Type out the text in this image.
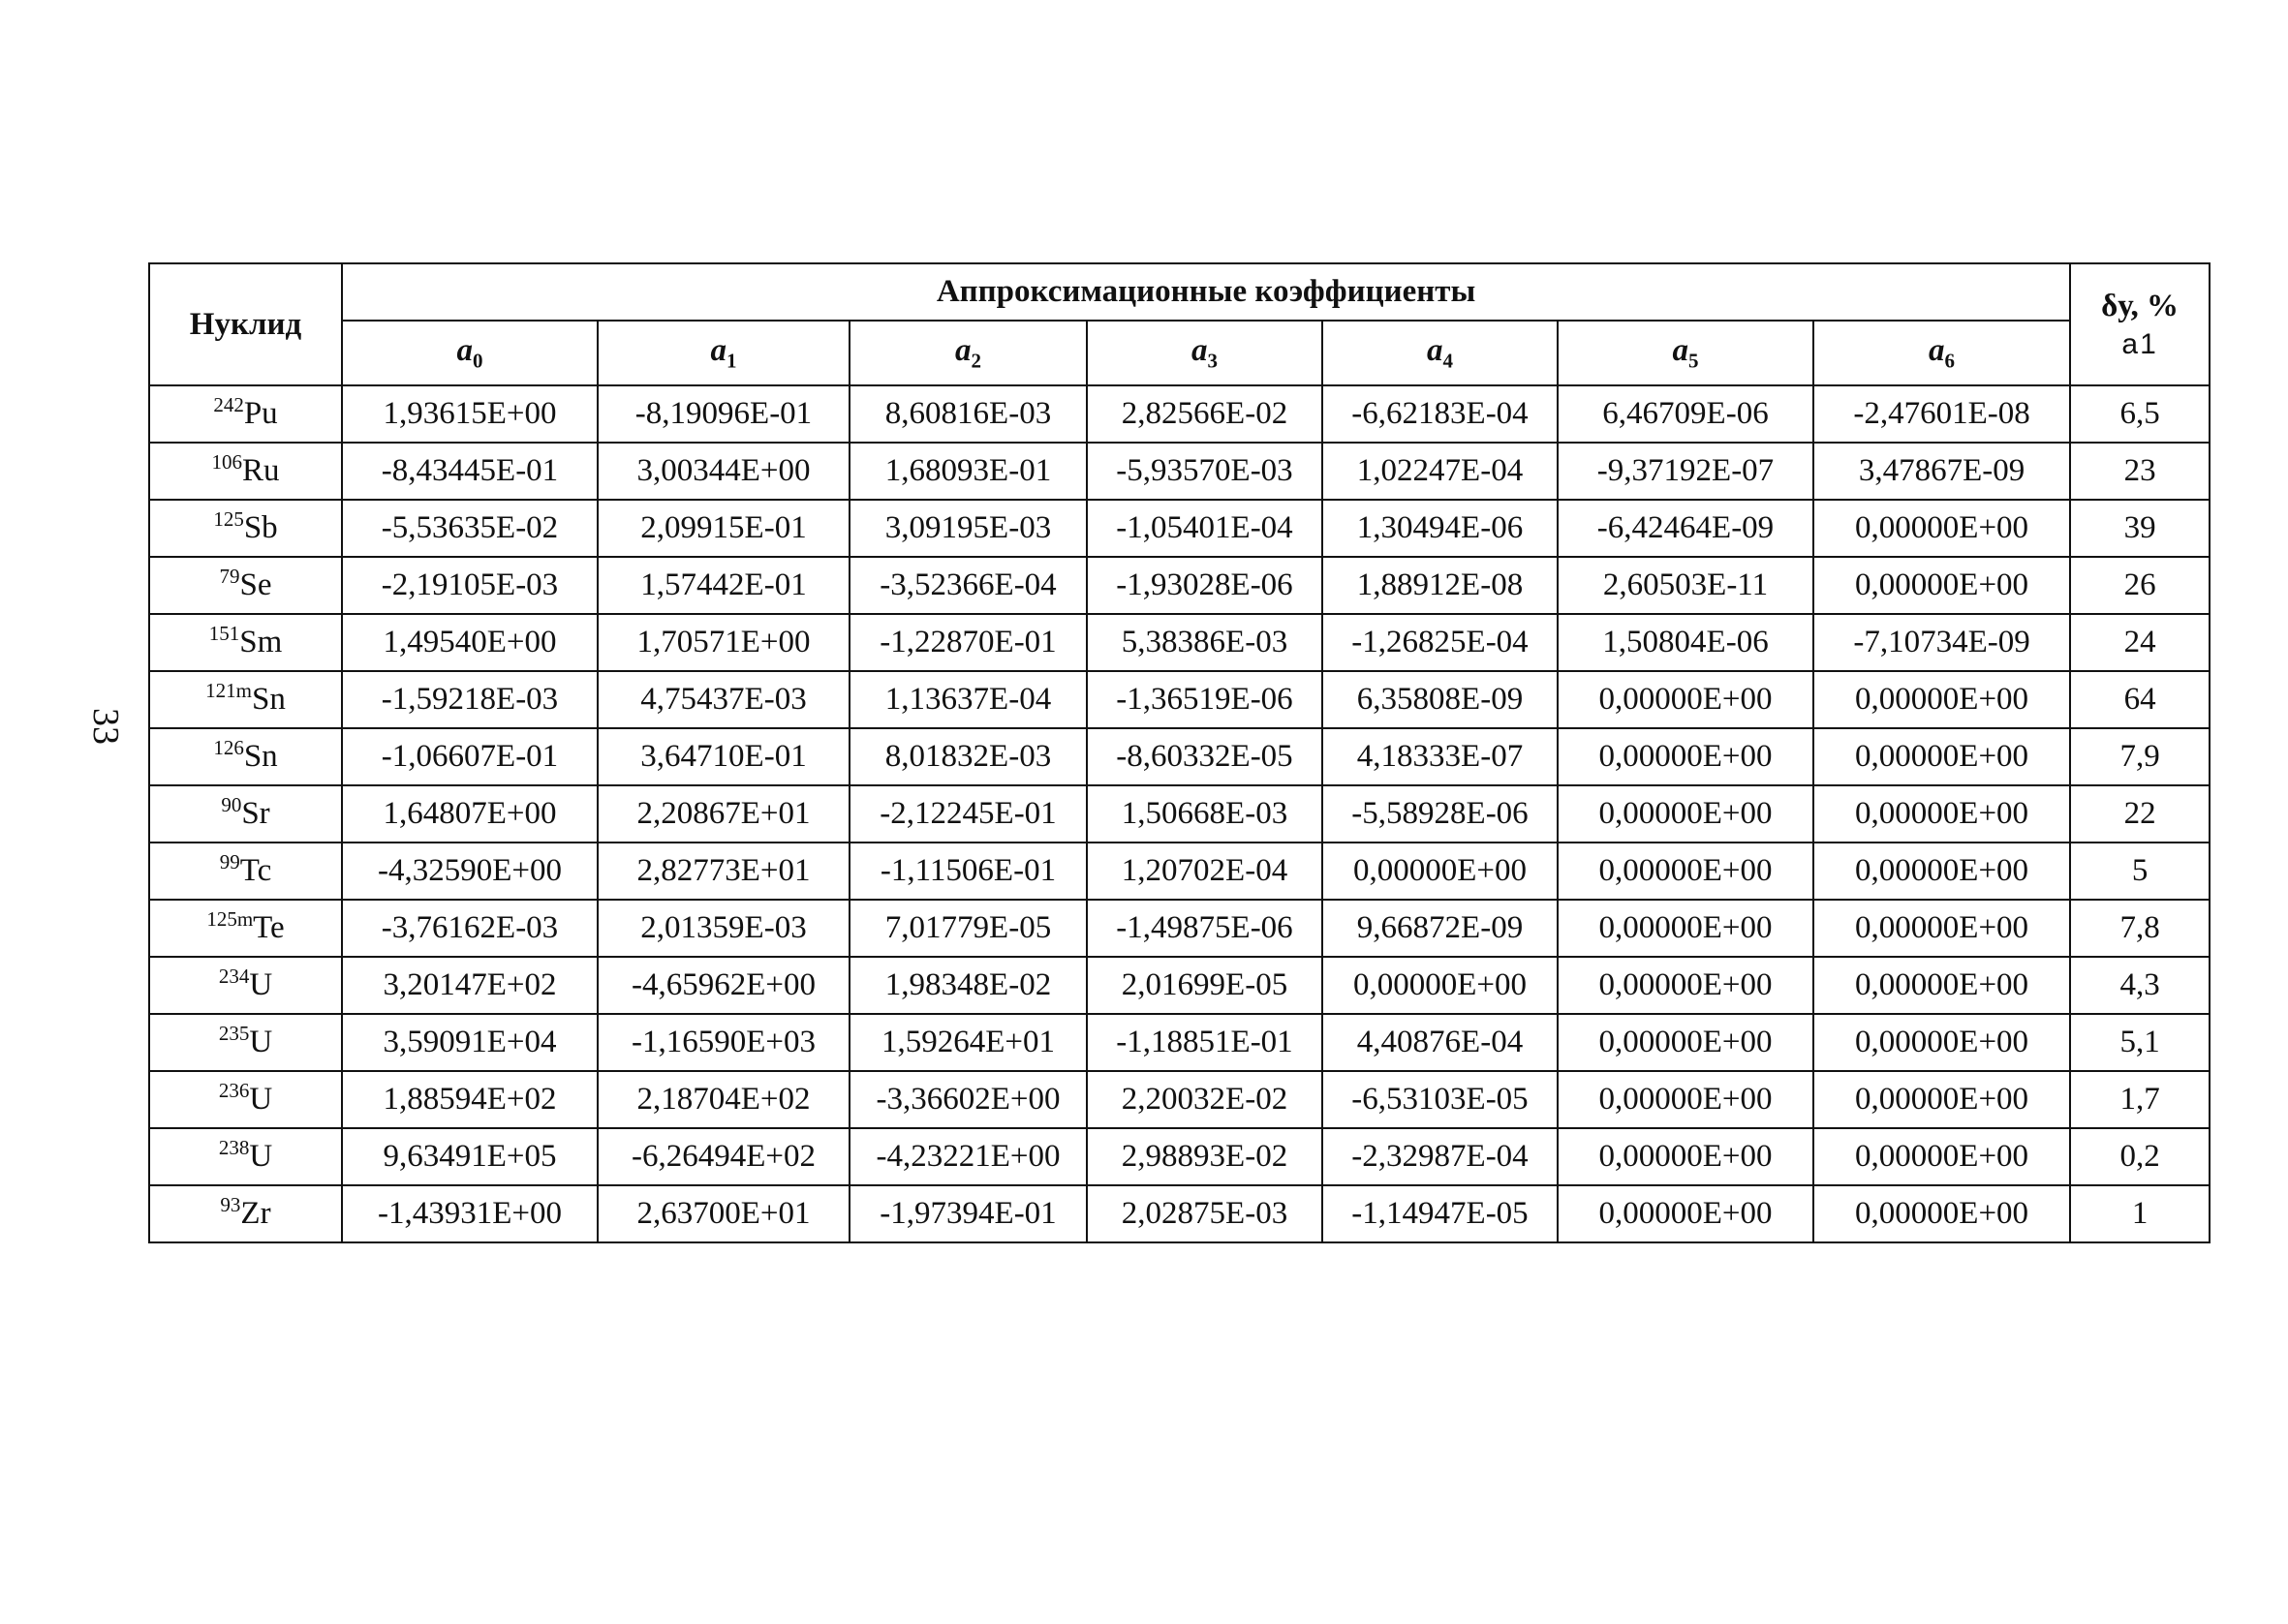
33
Нуклид	Аппроксимационные коэффициенты							δу, %
a1

	$a_0$	$a_1$	$a_2$	$a_3$	$a_4$	$a_5$	$a_6$
$^{242}$Pu	1,93615E+00	-8,19096E-01	8,60816E-03	2,82566E-02	-6,62183E-04	6,46709E-06	-2,47601E-08	6,5
$^{106}$Ru	-8,43445E-01	3,00344E+00	1,68093E-01	-5,93570E-03	1,02247E-04	-9,37192E-07	3,47867E-09	23
$^{125}$Sb	-5,53635E-02	2,09915E-01	3,09195E-03	-1,05401E-04	1,30494E-06	-6,42464E-09	0,00000E+00	39
$^{79}$Se	-2,19105E-03	1,57442E-01	-3,52366E-04	-1,93028E-06	1,88912E-08	2,60503E-11	0,00000E+00	26
$^{151}$Sm	1,49540E+00	1,70571E+00	-1,22870E-01	5,38386E-03	-1,26825E-04	1,50804E-06	-7,10734E-09	24
$^{121m}$Sn	-1,59218E-03	4,75437E-03	1,13637E-04	-1,36519E-06	6,35808E-09	0,00000E+00	0,00000E+00	64
$^{126}$Sn	-1,06607E-01	3,64710E-01	8,01832E-03	-8,60332E-05	4,18333E-07	0,00000E+00	0,00000E+00	7,9
$^{90}$Sr	1,64807E+00	2,20867E+01	-2,12245E-01	1,50668E-03	-5,58928E-06	0,00000E+00	0,00000E+00	22
$^{99}$Tc	-4,32590E+00	2,82773E+01	-1,11506E-01	1,20702E-04	0,00000E+00	0,00000E+00	0,00000E+00	5
$^{125m}$Te	-3,76162E-03	2,01359E-03	7,01779E-05	-1,49875E-06	9,66872E-09	0,00000E+00	0,00000E+00	7,8
$^{234}$U	3,20147E+02	-4,65962E+00	1,98348E-02	2,01699E-05	0,00000E+00	0,00000E+00	0,00000E+00	4,3
$^{235}$U	3,59091E+04	-1,16590E+03	1,59264E+01	-1,18851E-01	4,40876E-04	0,00000E+00	0,00000E+00	5,1
$^{236}$U	1,88594E+02	2,18704E+02	-3,36602E+00	2,20032E-02	-6,53103E-05	0,00000E+00	0,00000E+00	1,7
$^{238}$U	9,63491E+05	-6,26494E+02	-4,23221E+00	2,98893E-02	-2,32987E-04	0,00000E+00	0,00000E+00	0,2
$^{93}$Zr	-1,43931E+00	2,63700E+01	-1,97394E-01	2,02875E-03	-1,14947E-05	0,00000E+00	0,00000E+00	1
